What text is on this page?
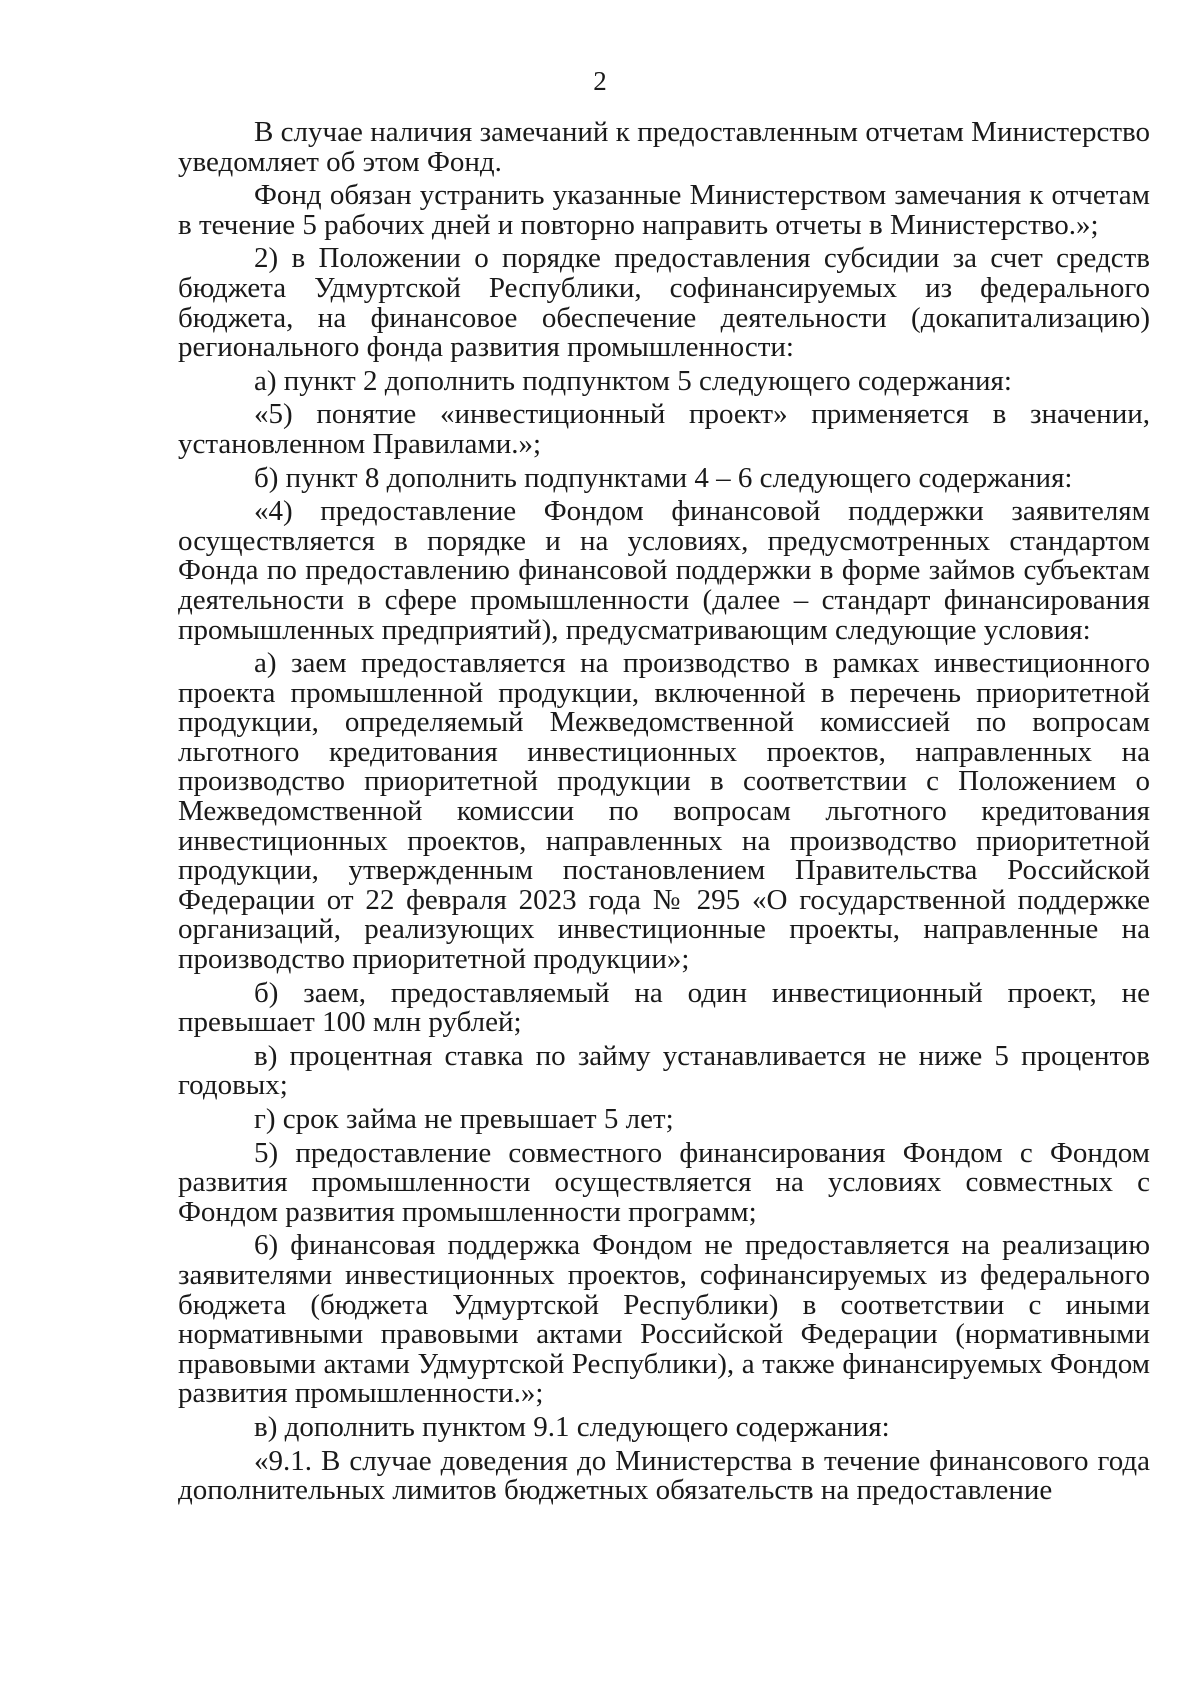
2

В случае наличия замечаний к предоставленным отчетам Министерство уведомляет об этом Фонд.

Фонд обязан устранить указанные Министерством замечания к отчетам в течение 5 рабочих дней и повторно направить отчеты в Министерство.»;

2) в Положении о порядке предоставления субсидии за счет средств бюджета Удмуртской Республики, софинансируемых из федерального бюджета, на финансовое обеспечение деятельности (докапитализацию) регионального фонда развития промышленности:

а) пункт 2 дополнить подпунктом 5 следующего содержания:

«5) понятие «инвестиционный проект» применяется в значении, установленном Правилами.»;

б) пункт 8 дополнить подпунктами 4 – 6 следующего содержания:

«4) предоставление Фондом финансовой поддержки заявителям осуществляется в порядке и на условиях, предусмотренных стандартом Фонда по предоставлению финансовой поддержки в форме займов субъектам деятельности в сфере промышленности (далее – стандарт финансирования промышленных предприятий), предусматривающим следующие условия:

а) заем предоставляется на производство в рамках инвестиционного проекта промышленной продукции, включенной в перечень приоритетной продукции, определяемый Межведомственной комиссией по вопросам льготного кредитования инвестиционных проектов, направленных на производство приоритетной продукции в соответствии с Положением о Межведомственной комиссии по вопросам льготного кредитования инвестиционных проектов, направленных на производство приоритетной продукции, утвержденным постановлением Правительства Российской Федерации от 22 февраля 2023 года № 295 «О государственной поддержке организаций, реализующих инвестиционные проекты, направленные на производство приоритетной продукции»;

б) заем, предоставляемый на один инвестиционный проект, не превышает 100 млн рублей;

в) процентная ставка по займу устанавливается не ниже 5 процентов годовых;

г) срок займа не превышает 5 лет;

5) предоставление совместного финансирования Фондом с Фондом развития промышленности осуществляется на условиях совместных с Фондом развития промышленности программ;

6) финансовая поддержка Фондом не предоставляется на реализацию заявителями инвестиционных проектов, софинансируемых из федерального бюджета (бюджета Удмуртской Республики) в соответствии с иными нормативными правовыми актами Российской Федерации (нормативными правовыми актами Удмуртской Республики), а также финансируемых Фондом развития промышленности.»;

в) дополнить пунктом 9.1 следующего содержания:

«9.1. В случае доведения до Министерства в течение финансового года дополнительных лимитов бюджетных обязательств на предоставление
